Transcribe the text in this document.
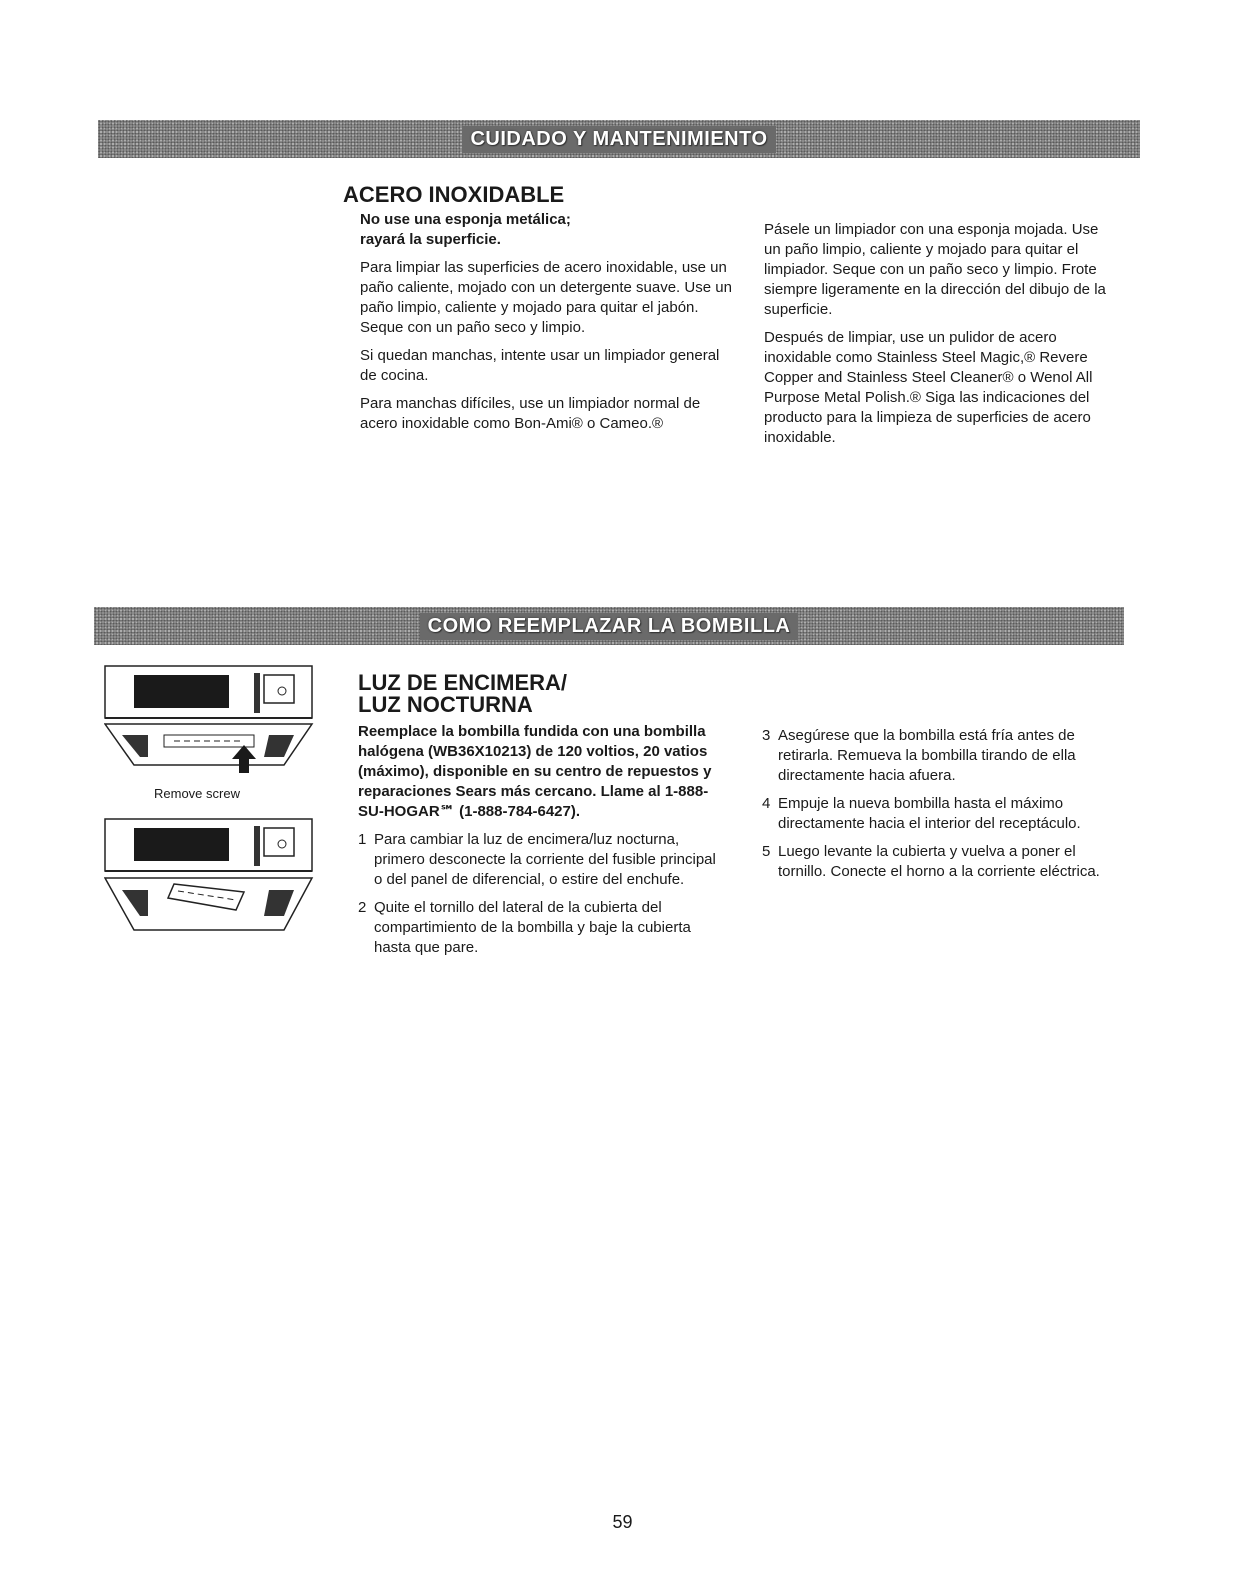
CUIDADO Y MANTENIMIENTO
ACERO INOXIDABLE

No use una esponja metálica;
rayará la superficie.

Para limpiar las superficies de acero inoxidable, use un paño caliente, mojado con un detergente suave. Use un paño limpio, caliente y mojado para quitar el jabón. Seque con un paño seco y limpio.

Si quedan manchas, intente usar un limpiador general de cocina.

Para manchas difíciles, use un limpiador normal de acero inoxidable como Bon-Ami® o Cameo.®

Pásele un limpiador con una esponja mojada. Use un paño limpio, caliente y mojado para quitar el limpiador. Seque con un paño seco y limpio. Frote siempre ligeramente en la dirección del dibujo de la superficie.

Después de limpiar, use un pulidor de acero inoxidable como Stainless Steel Magic,® Revere Copper and Stainless Steel Cleaner® o Wenol All Purpose Metal Polish.® Siga las indicaciones del producto para la limpieza de superficies de acero inoxidable.

COMO REEMPLAZAR LA BOMBILLA
Remove screw
LUZ DE ENCIMERA/
LUZ NOCTURNA

Reemplace la bombilla fundida con una bombilla halógena (WB36X10213) de 120 voltios, 20 vatios (máximo), disponible en su centro de repuestos y reparaciones Sears más cercano. Llame al 1-888-SU-HOGAR℠ (1-888-784-6427).

1 Para cambiar la luz de encimera/luz nocturna, primero desconecte la corriente del fusible principal o del panel de diferencial, o estire del enchufe.
2 Quite el tornillo del lateral de la cubierta del compartimiento de la bombilla y baje la cubierta hasta que pare.
3 Asegúrese que la bombilla está fría antes de retirarla. Remueva la bombilla tirando de ella directamente hacia afuera.
4 Empuje la nueva bombilla hasta el máximo directamente hacia el interior del receptáculo.
5 Luego levante la cubierta y vuelva a poner el tornillo. Conecte el horno a la corriente eléctrica.
59
